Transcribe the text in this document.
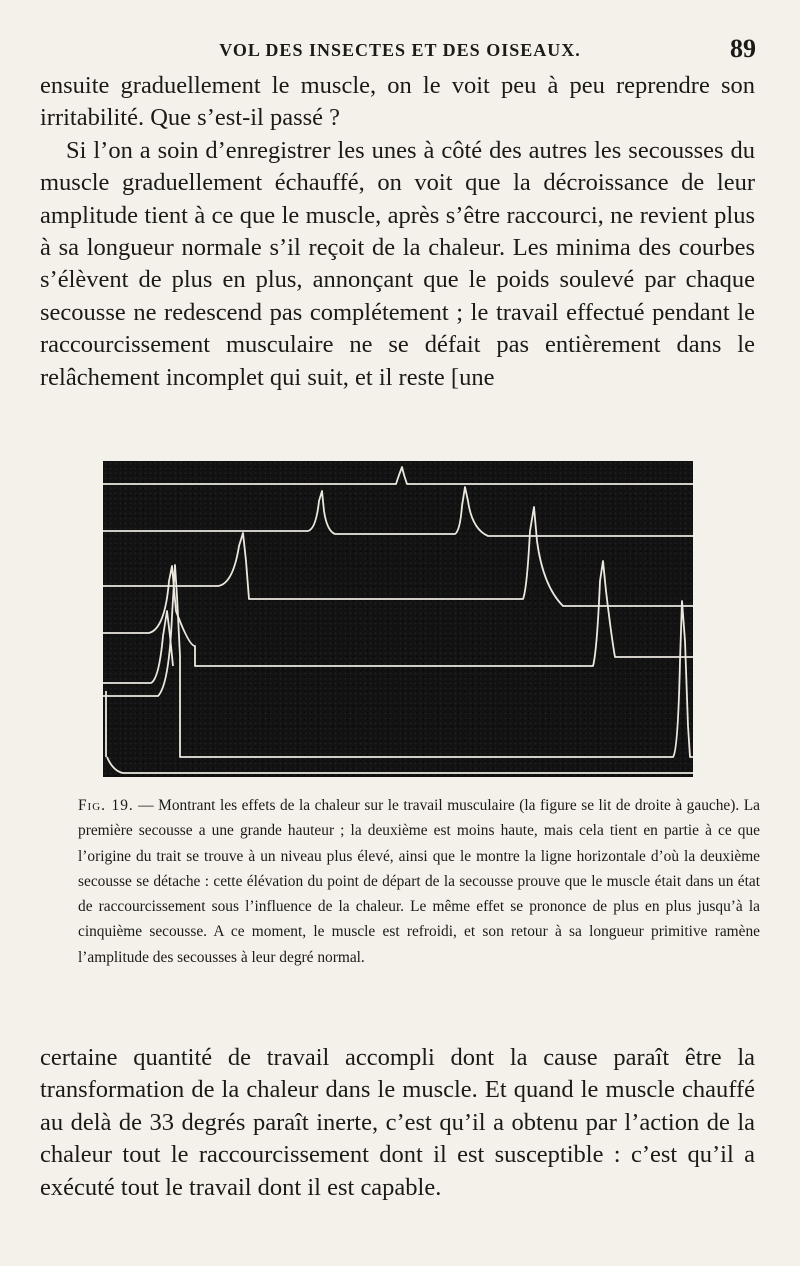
VOL DES INSECTES ET DES OISEAUX.	89

ensuite graduellement le muscle, on le voit peu à peu reprendre son irritabilité. Que s’est-il passé ?

Si l’on a soin d’enregistrer les unes à côté des autres les secousses du muscle graduellement échauffé, on voit que la décroissance de leur amplitude tient à ce que le muscle, après s’être raccourci, ne revient plus à sa longueur normale s’il reçoit de la chaleur. Les minima des courbes s’élèvent de plus en plus, annonçant que le poids soulevé par chaque secousse ne redescend pas complétement ; le travail effectué pendant le raccourcissement musculaire ne se défait pas entièrement dans le relâchement incomplet qui suit, et il reste [une

Fig. 19. — Montrant les effets de la chaleur sur le travail musculaire (la figure se lit de droite à gauche). La première secousse a une grande hauteur ; la deuxième est moins haute, mais cela tient en partie à ce que l’origine du trait se trouve à un niveau plus élevé, ainsi que le montre la ligne horizontale d’où la deuxième secousse se détache : cette élévation du point de départ de la secousse prouve que le muscle était dans un état de raccourcissement sous l’influence de la chaleur. Le même effet se prononce de plus en plus jusqu’à la cinquième secousse. A ce moment, le muscle est refroidi, et son retour à sa longueur primitive ramène l’amplitude des secousses à leur degré normal.

certaine quantité de travail accompli dont la cause paraît être la transformation de la chaleur dans le muscle. Et quand le muscle chauffé au delà de 33 degrés paraît inerte, c’est qu’il a obtenu par l’action de la chaleur tout le raccourcissement dont il est susceptible : c’est qu’il a exécuté tout le travail dont il est capable.
